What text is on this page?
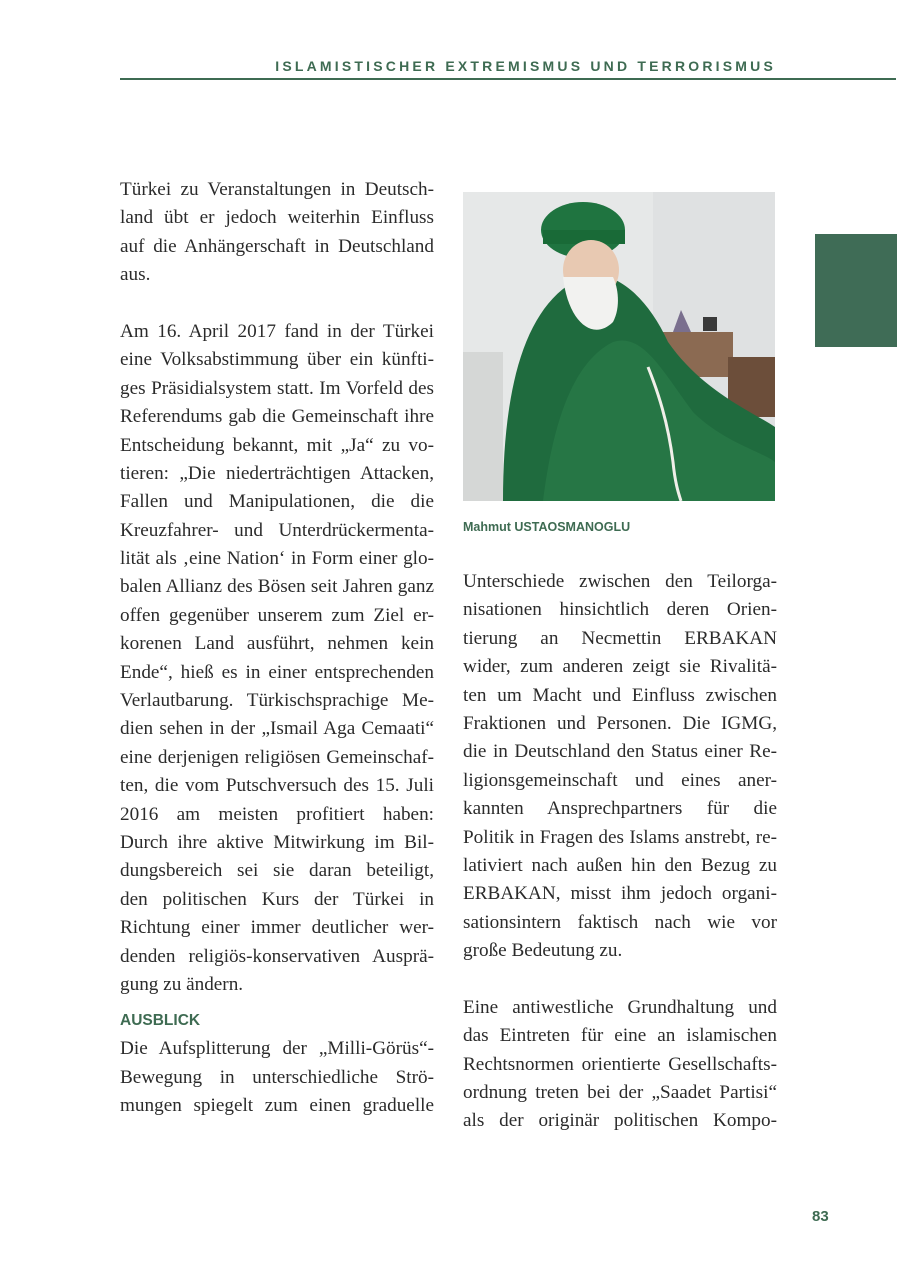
ISLAMISTISCHER EXTREMISMUS UND TERRORISMUS
Türkei zu Veranstaltungen in Deutsch-
land übt er jedoch weiterhin Einfluss
auf die Anhängerschaft in Deutschland
aus.
Am 16. April 2017 fand in der Türkei
eine Volksabstimmung über ein künfti-
ges Präsidialsystem statt. Im Vorfeld des
Referendums gab die Gemeinschaft ihre
Entscheidung bekannt, mit „Ja“ zu vo-
tieren: „Die niederträchtigen Attacken,
Fallen und Manipulationen, die die
Kreuzfahrer- und Unterdrückermenta-
lität als ‚eine Nation‘ in Form einer glo-
balen Allianz des Bösen seit Jahren ganz
offen gegenüber unserem zum Ziel er-
korenen Land ausführt, nehmen kein
Ende“, hieß es in einer entsprechenden
Verlautbarung. Türkischsprachige Me-
dien sehen in der „Ismail Aga Cemaati“
eine derjenigen religiösen Gemeinschaf-
ten, die vom Putschversuch des 15. Juli
2016 am meisten profitiert haben:
Durch ihre aktive Mitwirkung im Bil-
dungsbereich sei sie daran beteiligt,
den politischen Kurs der Türkei in
Richtung einer immer deutlicher wer-
denden religiös-konservativen Ausprä-
gung zu ändern.
AUSBLICK
Die Aufsplitterung der „Milli-Görüs“-
Bewegung in unterschiedliche Strö-
mungen spiegelt zum einen graduelle
Mahmut USTAOSMANOGLU
Unterschiede zwischen den Teilorga-
nisationen hinsichtlich deren Orien-
tierung an Necmettin ERBAKAN
wider, zum anderen zeigt sie Rivalitä-
ten um Macht und Einfluss zwischen
Fraktionen und Personen. Die IGMG,
die in Deutschland den Status einer Re-
ligionsgemeinschaft und eines aner-
kannten Ansprechpartners für die
Politik in Fragen des Islams anstrebt, re-
lativiert nach außen hin den Bezug zu
ERBAKAN, misst ihm jedoch organi-
sationsintern faktisch nach wie vor
große Bedeutung zu.
Eine antiwestliche Grundhaltung und
das Eintreten für eine an islamischen
Rechtsnormen orientierte Gesellschafts-
ordnung treten bei der „Saadet Partisi“
als der originär politischen Kompo-
83
